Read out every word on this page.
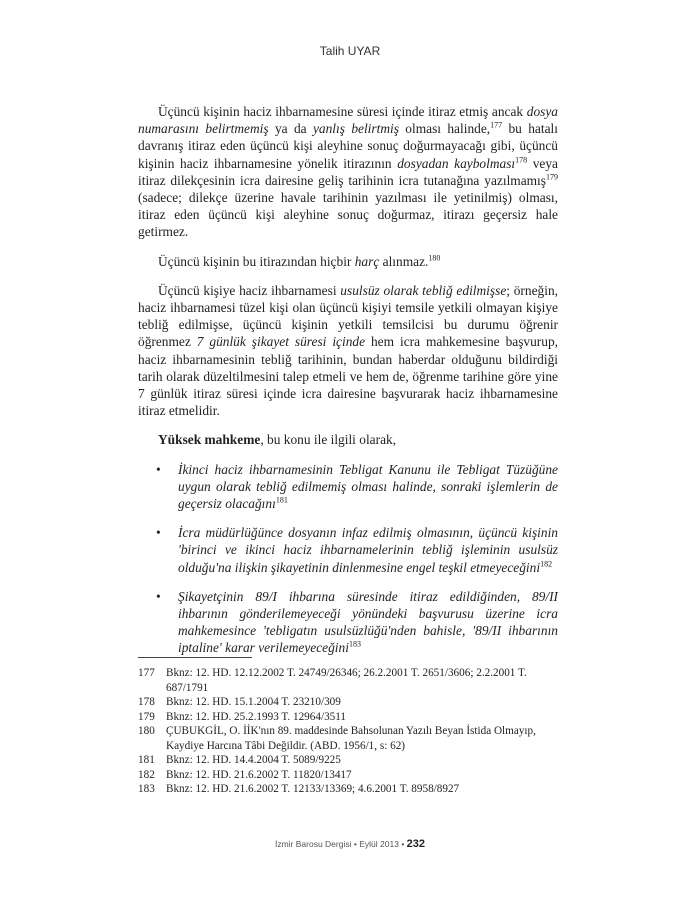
Talih UYAR

Üçüncü kişinin haciz ihbarnamesine süresi içinde itiraz etmiş ancak dosya numarasını belirtmemiş ya da yanlış belirtmiş olması halinde,$^{177}$ bu hatalı davranış itiraz eden üçüncü kişi aleyhine sonuç doğurmayacağı gibi, üçüncü kişinin haciz ihbarnamesine yönelik itirazının dosyadan kaybolması$^{178}$ veya itiraz dilekçesinin icra dairesine geliş tarihinin icra tutanağına yazılmamış$^{179}$ (sadece; dilekçe üzerine havale tarihinin yazılması ile yetinilmiş) olması, itiraz eden üçüncü kişi aleyhine sonuç doğurmaz, itirazı geçersiz hale getirmez.

Üçüncü kişinin bu itirazından hiçbir harç alınmaz.$^{180}$

Üçüncü kişiye haciz ihbarnamesi usulsüz olarak tebliğ edilmişse; örneğin, haciz ihbarnamesi tüzel kişi olan üçüncü kişiyi temsile yetkili olmayan kişiye tebliğ edilmişse, üçüncü kişinin yetkili temsilcisi bu durumu öğrenir öğrenmez 7 günlük şikayet süresi içinde hem icra mahkemesine başvurup, haciz ihbarnamesinin tebliğ tarihinin, bundan haberdar olduğunu bildirdiği tarih olarak düzeltilmesini talep etmeli ve hem de, öğrenme tarihine göre yine 7 günlük itiraz süresi içinde icra dairesine başvurarak haciz ihbarnamesine itiraz etmelidir.

Yüksek mahkeme, bu konu ile ilgili olarak,

• İkinci haciz ihbarnamesinin Tebligat Kanunu ile Tebligat Tüzüğüne uygun olarak tebliğ edilmemiş olması halinde, sonraki işlemlerin de geçersiz olacağını$^{181}$
• İcra müdürlüğünce dosyanın infaz edilmiş olmasının, üçüncü kişinin 'birinci ve ikinci haciz ihbarnamelerinin tebliğ işleminin usulsüz olduğu'na ilişkin şikayetinin dinlenmesine engel teşkil etmeyeceğini$^{182}$
• Şikayetçinin 89/I ihbarına süresinde itiraz edildiğinden, 89/II ihbarının gönderilemeyeceği yönündeki başvurusu üzerine icra mahkemesince 'tebligatın usulsüzlüğü'nden bahisle, '89/II ihbarının iptaline' karar verilemeyeceğini$^{183}$
177	Bknz: 12. HD. 12.12.2002 T. 24749/26346; 26.2.2001 T. 2651/3606; 2.2.2001 T. 687/1791
178	Bknz: 12. HD. 15.1.2004 T. 23210/309
179	Bknz: 12. HD. 25.2.1993 T. 12964/3511
180	ÇUBUKGİL, O. İİK'nın 89. maddesinde Bahsolunan Yazılı Beyan İstida Olmayıp, Kaydiye Harcına Tâbi Değildir. (ABD. 1956/1, s: 62)
181	Bknz: 12. HD. 14.4.2004 T. 5089/9225
182	Bknz: 12. HD. 21.6.2002 T. 11820/13417
183	Bknz: 12. HD. 21.6.2002 T. 12133/13369; 4.6.2001 T. 8958/8927
İzmir Barosu Dergisi • Eylül 2013 • 232
